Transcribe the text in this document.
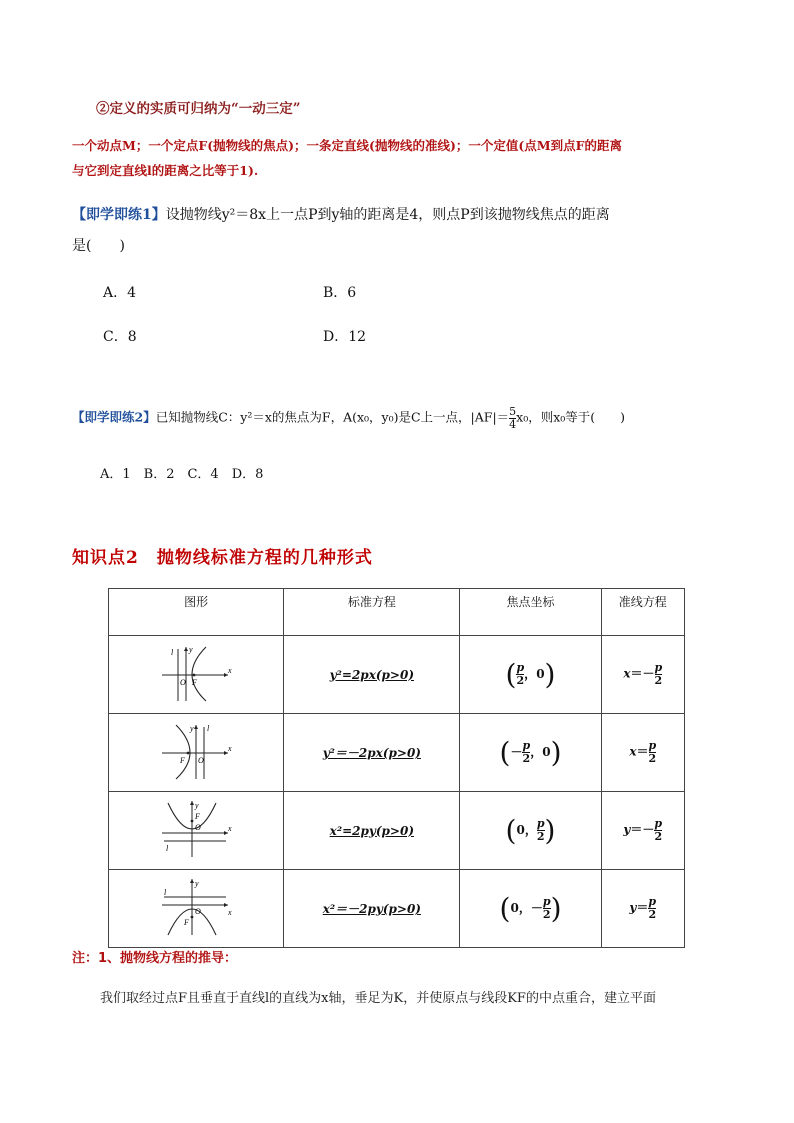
②定义的实质可归纳为“一动三定”
一个动点M；一个定点F(抛物线的焦点)；一条定直线(抛物线的准线)；一个定值(点M到点F的距离
与它到定直线l的距离之比等于1).
【即学即练1】设抛物线y²＝8x上一点P到y轴的距离是4，则点P到该抛物线焦点的距离
是(　　)
A．4	B．6
C．8	D．12
【即学即练2】已知抛物线C：y²＝x的焦点为F，A(x₀，y₀)是C上一点，$|AF|= \frac{5}{4} x_0$，则x₀等于(　　)
A．1　B．2　C．4　D．8
知识点2　抛物线标准方程的几种形式
图形	标准方程	焦点坐标	准线方程

l y
O F
x	y²=2px(p>0)	( $\frac{p}{2}$ ，0)	$x=- \frac{p}{2}$

y l
F O
x	y²＝－2px(p>0)	(－ $\frac{p}{2}$ ，0)	$x= \frac{p}{2}$

y
F
O
l
x	x²=2py(p>0)	(0， $\frac{p}{2}$ )	$y=- \frac{p}{2}$

y
l
O
F
x	x²＝－2py(p>0)	(0，－ $\frac{p}{2}$ )	$y= \frac{p}{2}$
注：1、抛物线方程的推导：
我们取经过点F且垂直于直线l的直线为x轴，垂足为K，并使原点与线段KF的中点重合，建立平面
